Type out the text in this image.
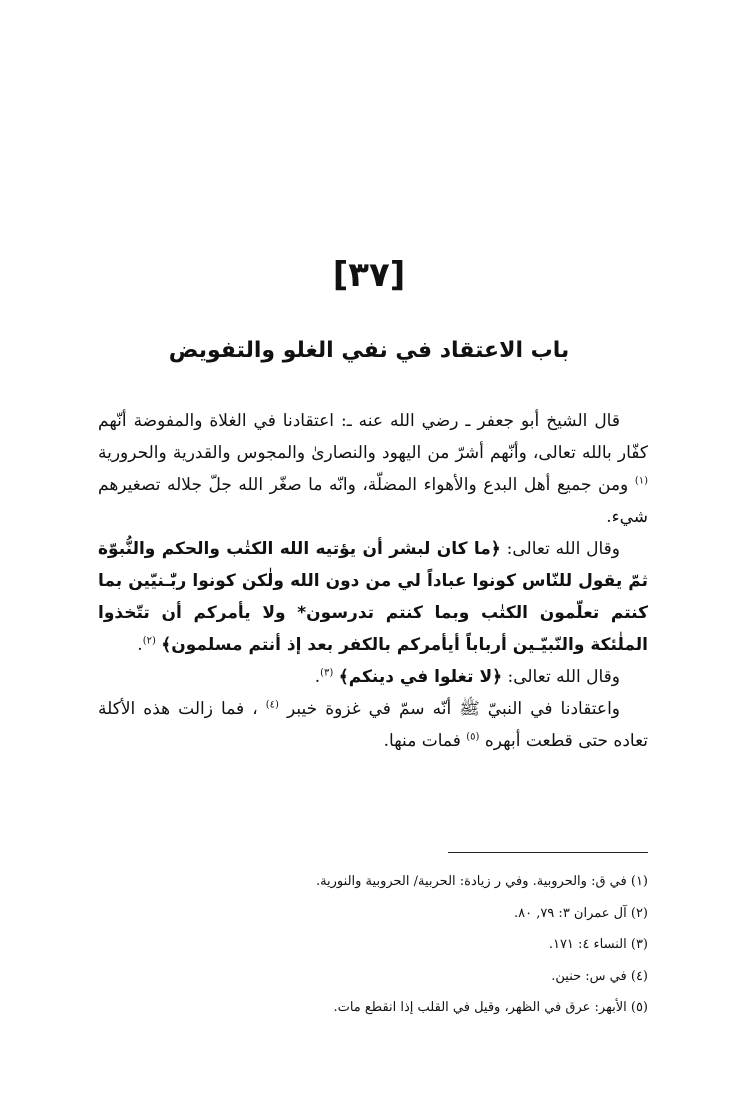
[٣٧]
باب الاعتقاد في نفي الغلو والتفويض

قال الشيخ أبو جعفر ـ رضي الله عنه ـ: اعتقادنا في الغلاة والمفوضة أنّهم كفّار بالله تعالى، وأنّهم أشرّ من اليهود والنصارىٰ والمجوس والقدرية والحرورية $^{(١)}$ ومن جميع أهل البدع والأهواء المضلّة، وانّه ما صغّر الله جلّ جلاله تصغيرهم شيء.

وقال الله تعالى: ﴿ما كان لبشر أن يؤتيه الله الكتٰب والحكم والنُّبوّة ثمّ يقول للنّاس كونوا عباداً لي من دون الله ولٰكن كونوا ربّٰـنيّين بما كنتم تعلّمون الكتٰب وبما كنتم تدرسون* ولا يأمركم أن تتّخذوا الملٰئكة والنّبيّـين أرباباً أيأمركم بالكفر بعد إذ أنتم مسلمون﴾ $^{(٢)}$.

وقال الله تعالى: ﴿لا تغلوا في دينكم﴾ $^{(٣)}$.

واعتقادنا في النبيّ ﷺ أنّه سمّ في غزوة خيبر $^{(٤)}$ ، فما زالت هذه الأكلة تعاده حتى قطعت أبهره $^{(٥)}$ فمات منها.

(١) في ق: والحروبية. وفي ر زيادة: الحربية/ الحروبية والنورية.

(٢) آل عمران ٣: ٧٩, ٨٠.

(٣) النساء ٤: ١٧١.

(٤) في س: حنين.

(٥) الأبهر: عرق في الظهر، وقيل في القلب إذا انقطع مات.
